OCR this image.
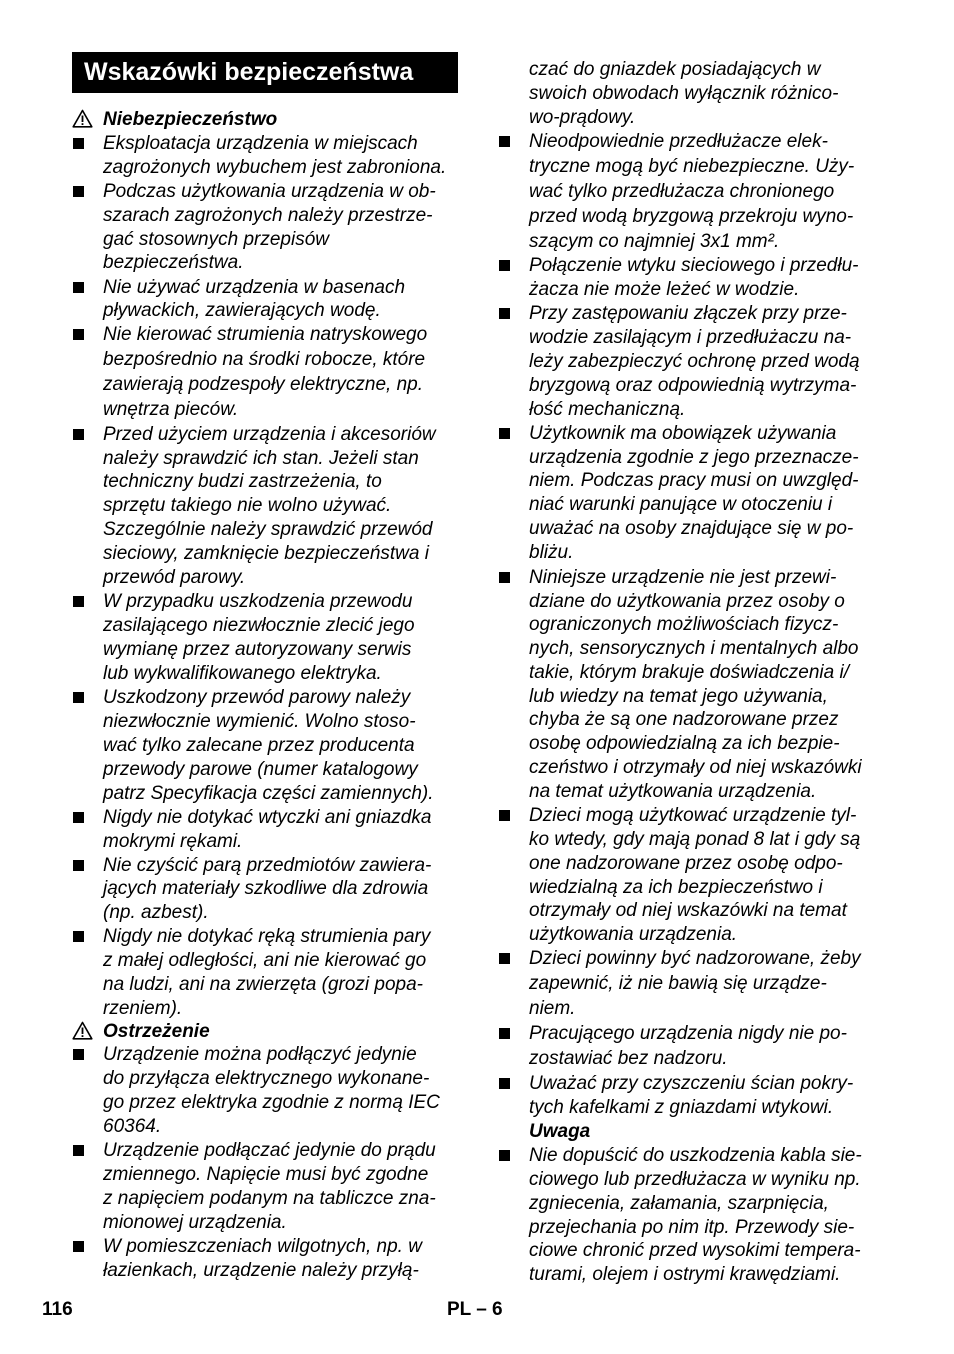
Wskazówki bezpieczeństwa
Niebezpieczeństwo
Eksploatacja urządzenia w miejscach
zagrożonych wybuchem jest zabroniona.
Podczas użytkowania urządzenia w ob-
szarach zagrożonych należy przestrze-
gać stosownych przepisów
bezpieczeństwa.
Nie używać urządzenia w basenach
pływackich, zawierających wodę.
Nie kierować strumienia natryskowego
bezpośrednio na środki robocze, które
zawierają podzespoły elektryczne, np.
wnętrza pieców.
Przed użyciem urządzenia i akcesoriów
należy sprawdzić ich stan. Jeżeli stan
techniczny budzi zastrzeżenia, to
sprzętu takiego nie wolno używać.
Szczególnie należy sprawdzić przewód
sieciowy, zamknięcie bezpieczeństwa i
przewód parowy.
W przypadku uszkodzenia przewodu
zasilającego niezwłocznie zlecić jego
wymianę przez autoryzowany serwis
lub wykwalifikowanego elektryka.
Uszkodzony przewód parowy należy
niezwłocznie wymienić. Wolno stoso-
wać tylko zalecane przez producenta
przewody parowe (numer katalogowy
patrz Specyfikacja części zamiennych).
Nigdy nie dotykać wtyczki ani gniazdka
mokrymi rękami.
Nie czyścić parą przedmiotów zawiera-
jących materiały szkodliwe dla zdrowia
(np. azbest).
Nigdy nie dotykać ręką strumienia pary
z małej odległości, ani nie kierować go
na ludzi, ani na zwierzęta (grozi popa-
rzeniem).
Ostrzeżenie
Urządzenie można podłączyć jedynie
do przyłącza elektrycznego wykonane-
go przez elektryka zgodnie z normą IEC
60364.
Urządzenie podłączać jedynie do prądu
zmiennego. Napięcie musi być zgodne
z napięciem podanym na tabliczce zna-
mionowej urządzenia.
W pomieszczeniach wilgotnych, np. w
łazienkach, urządzenie należy przyłą-
czać do gniazdek posiadających w
swoich obwodach wyłącznik różnico-
wo-prądowy.
Nieodpowiednie przedłużacze elek-
tryczne mogą być niebezpieczne. Uży-
wać tylko przedłużacza chronionego
przed wodą bryzgową przekroju wyno-
szącym co najmniej 3x1 mm².
Połączenie wtyku sieciowego i przedłu-
żacza nie może leżeć w wodzie.
Przy zastępowaniu złączek przy prze-
wodzie zasilającym i przedłużaczu na-
leży zabezpieczyć ochronę przed wodą
bryzgową oraz odpowiednią wytrzyma-
łość mechaniczną.
Użytkownik ma obowiązek używania
urządzenia zgodnie z jego przeznacze-
niem. Podczas pracy musi on uwzględ-
niać warunki panujące w otoczeniu i
uważać na osoby znajdujące się w po-
bliżu.
Niniejsze urządzenie nie jest przewi-
dziane do użytkowania przez osoby o
ograniczonych możliwościach fizycz-
nych, sensorycznych i mentalnych albo
takie, którym brakuje doświadczenia i/
lub wiedzy na temat jego używania,
chyba że są one nadzorowane przez
osobę odpowiedzialną za ich bezpie-
czeństwo i otrzymały od niej wskazówki
na temat użytkowania urządzenia.
Dzieci mogą użytkować urządzenie tyl-
ko wtedy, gdy mają ponad 8 lat i gdy są
one nadzorowane przez osobę odpo-
wiedzialną za ich bezpieczeństwo i
otrzymały od niej wskazówki na temat
użytkowania urządzenia.
Dzieci powinny być nadzorowane, żeby
zapewnić, iż nie bawią się urządze-
niem.
Pracującego urządzenia nigdy nie po-
zostawiać bez nadzoru.
Uważać przy czyszczeniu ścian pokry-
tych kafelkami z gniazdami wtykowi.
Uwaga
Nie dopuścić do uszkodzenia kabla sie-
ciowego lub przedłużacza w wyniku np.
zgniecenia, załamania, szarpnięcia,
przejechania po nim itp. Przewody sie-
ciowe chronić przed wysokimi tempera-
turami, olejem i ostrymi krawędziami.
116	PL – 6
